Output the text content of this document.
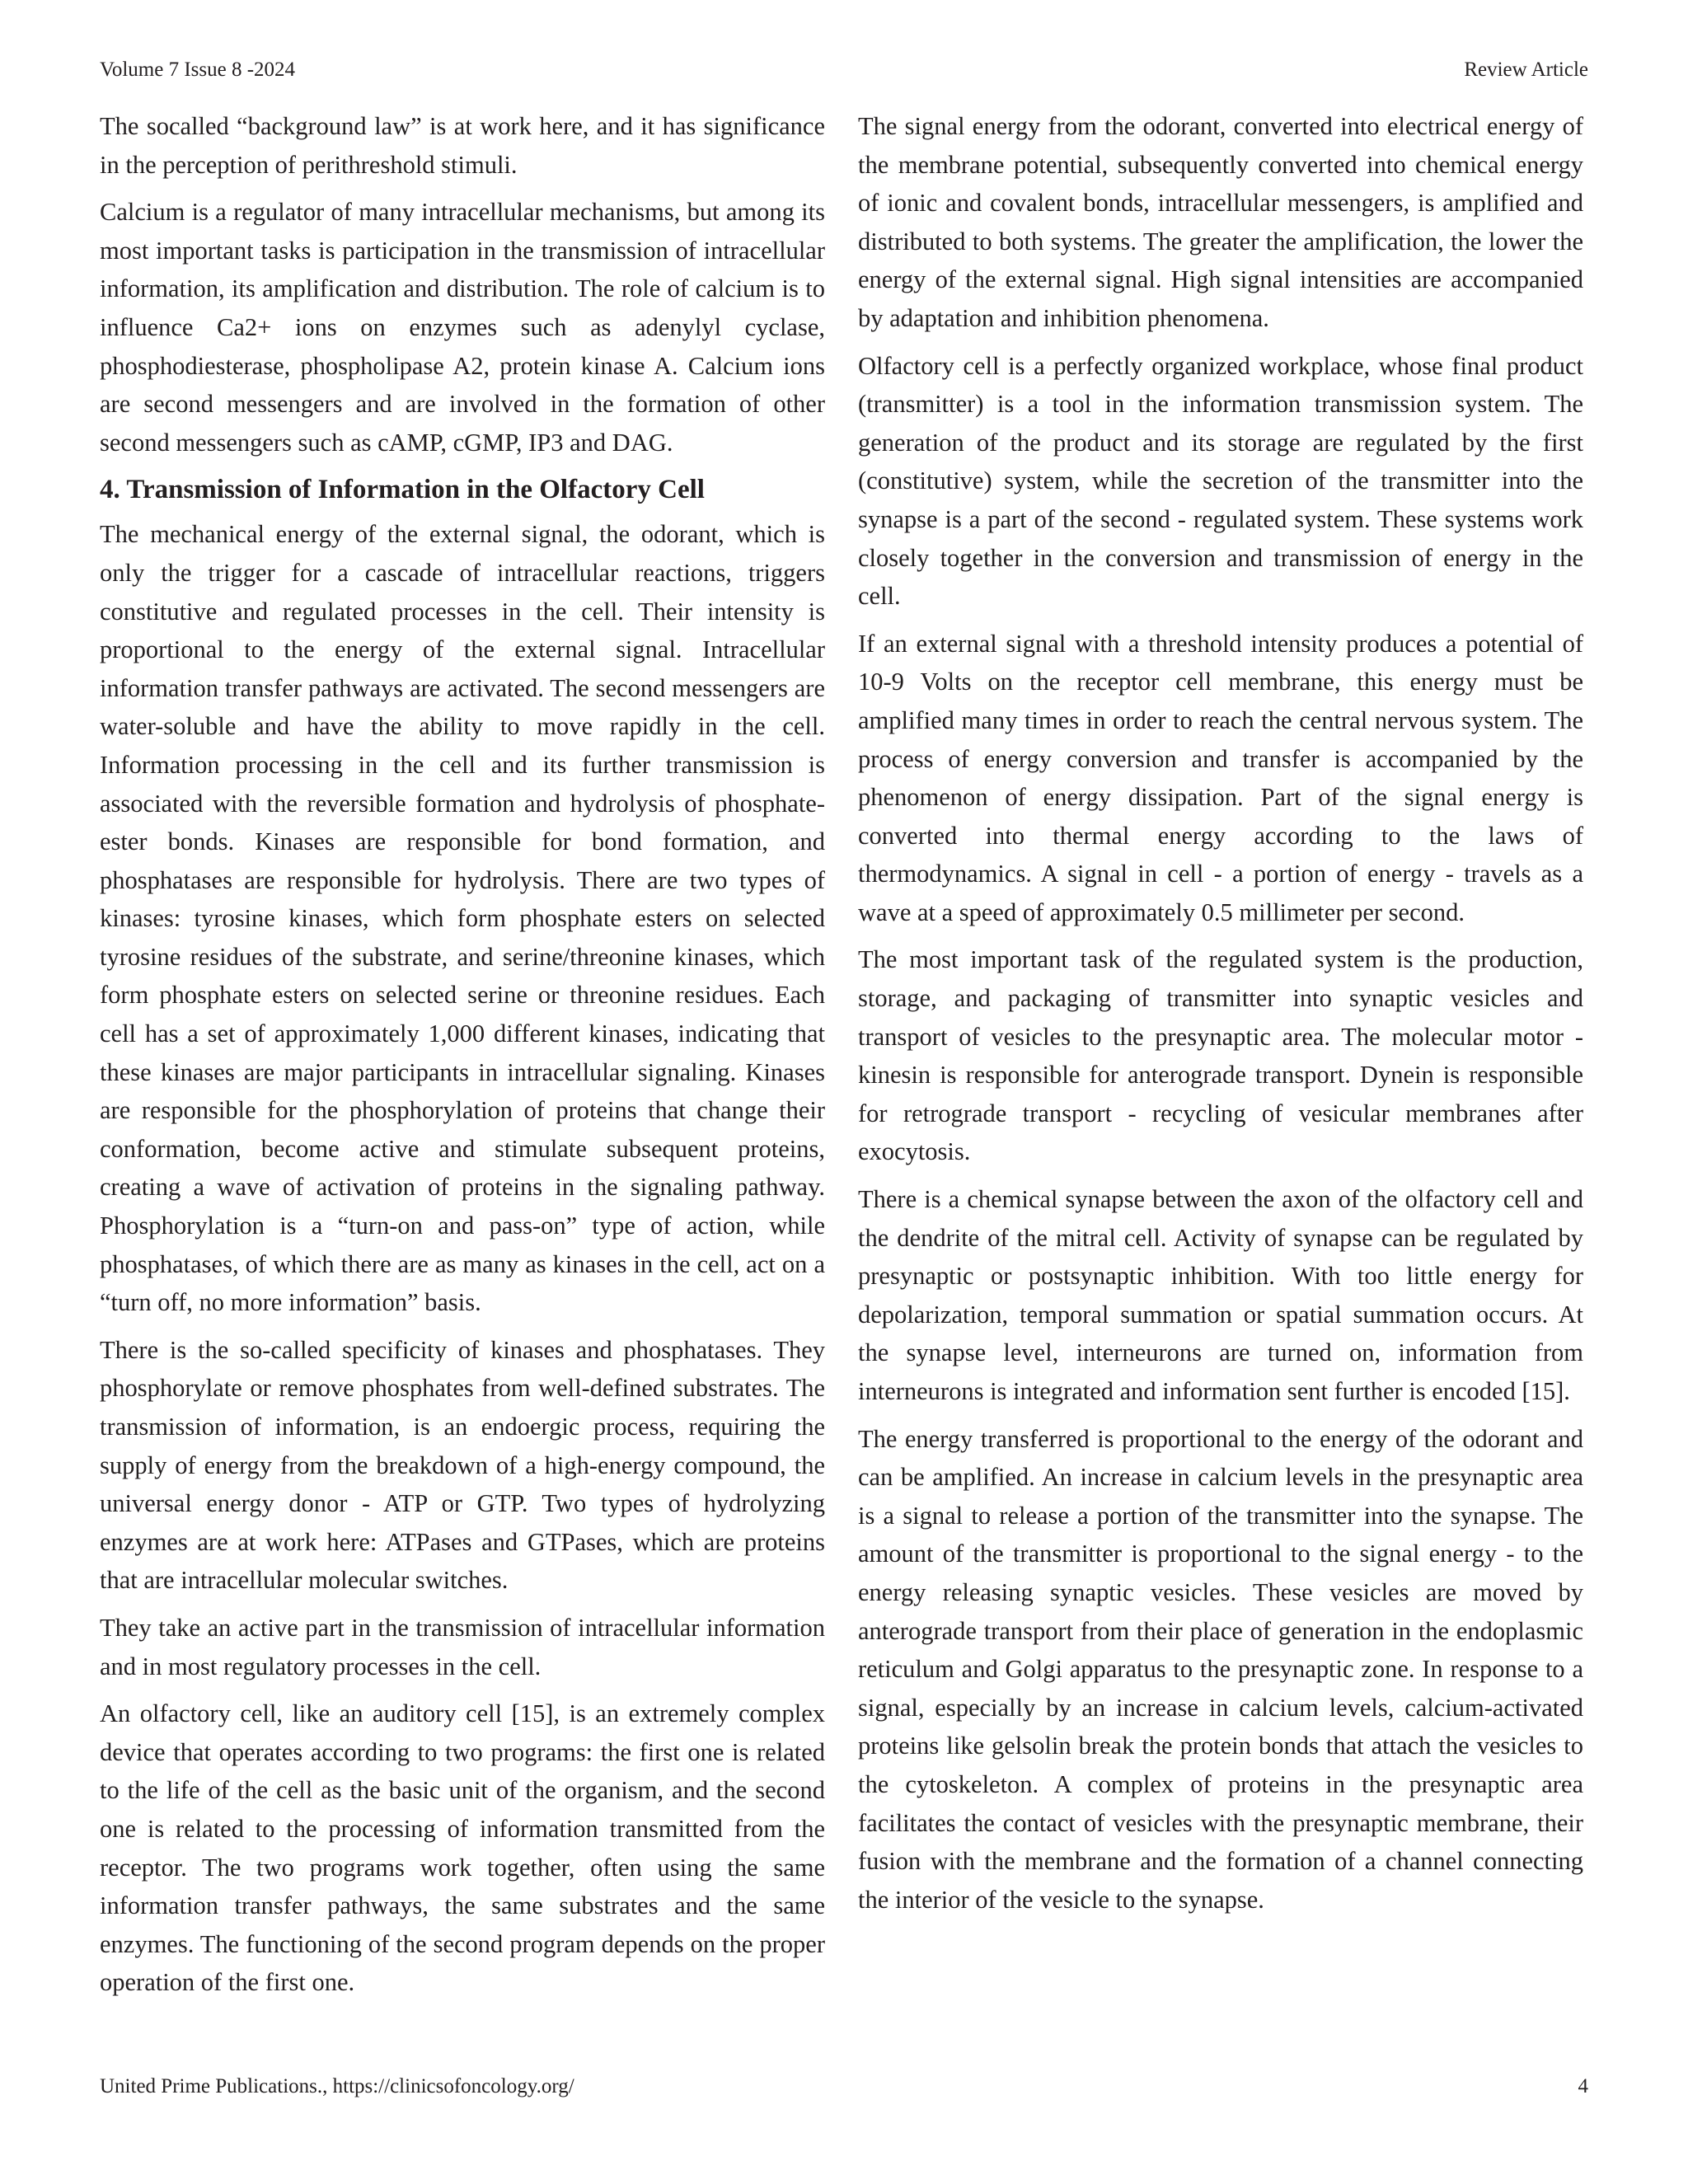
Volume 7 Issue 8 -2024	Review Article

The socalled “background law” is at work here, and it has significance in the perception of perithreshold stimuli.

Calcium is a regulator of many intracellular mechanisms, but among its most important tasks is participation in the transmission of intracellular information, its amplification and distribution. The role of calcium is to influence Ca2+ ions on enzymes such as adenylyl cyclase, phosphodiesterase, phospholipase A2, protein kinase A. Calcium ions are second messengers and are involved in the formation of other second messengers such as cAMP, cGMP, IP3 and DAG.

4. Transmission of Information in the Olfactory Cell

The mechanical energy of the external signal, the odorant, which is only the trigger for a cascade of intracellular reactions, triggers constitutive and regulated processes in the cell. Their intensity is proportional to the energy of the external signal. Intracellular information transfer pathways are activated. The second messengers are water-soluble and have the ability to move rapidly in the cell. Information processing in the cell and its further transmission is associated with the reversible formation and hydrolysis of phosphate-ester bonds. Kinases are responsible for bond formation, and phosphatases are responsible for hydrolysis. There are two types of kinases: tyrosine kinases, which form phosphate esters on selected tyrosine residues of the substrate, and serine/threonine kinases, which form phosphate esters on selected serine or threonine residues. Each cell has a set of approximately 1,000 different kinases, indicating that these kinases are major participants in intracellular signaling. Kinases are responsible for the phosphorylation of proteins that change their conformation, become active and stimulate subsequent proteins, creating a wave of activation of proteins in the signaling pathway. Phosphorylation is a “turn-on and pass-on” type of action, while phosphatases, of which there are as many as kinases in the cell, act on a “turn off, no more information” basis.

There is the so-called specificity of kinases and phosphatases. They phosphorylate or remove phosphates from well-defined substrates. The transmission of information, is an endoergic process, requiring the supply of energy from the breakdown of a high-energy compound, the universal energy donor - ATP or GTP. Two types of hydrolyzing enzymes are at work here: ATPases and GTPases, which are proteins that are intracellular molecular switches.

They take an active part in the transmission of intracellular information and in most regulatory processes in the cell.

An olfactory cell, like an auditory cell [15], is an extremely complex device that operates according to two programs: the first one is related to the life of the cell as the basic unit of the organism, and the second one is related to the processing of information transmitted from the receptor. The two programs work together, often using the same information transfer pathways, the same substrates and the same enzymes. The functioning of the second program depends on the proper operation of the first one.

The signal energy from the odorant, converted into electrical energy of the membrane potential, subsequently converted into chemical energy of ionic and covalent bonds, intracellular messengers, is amplified and distributed to both systems. The greater the amplification, the lower the energy of the external signal. High signal intensities are accompanied by adaptation and inhibition phenomena.

Olfactory cell is a perfectly organized workplace, whose final product (transmitter) is a tool in the information transmission system. The generation of the product and its storage are regulated by the first (constitutive) system, while the secretion of the transmitter into the synapse is a part of the second - regulated system. These systems work closely together in the conversion and transmission of energy in the cell.

If an external signal with a threshold intensity produces a potential of 10-9 Volts on the receptor cell membrane, this energy must be amplified many times in order to reach the central nervous system. The process of energy conversion and transfer is accompanied by the phenomenon of energy dissipation. Part of the signal energy is converted into thermal energy according to the laws of thermodynamics. A signal in cell - a portion of energy - travels as a wave at a speed of approximately 0.5 millimeter per second.

The most important task of the regulated system is the production, storage, and packaging of transmitter into synaptic vesicles and transport of vesicles to the presynaptic area. The molecular motor - kinesin is responsible for anterograde transport. Dynein is responsible for retrograde transport - recycling of vesicular membranes after exocytosis.

There is a chemical synapse between the axon of the olfactory cell and the dendrite of the mitral cell. Activity of synapse can be regulated by presynaptic or postsynaptic inhibition. With too little energy for depolarization, temporal summation or spatial summation occurs. At the synapse level, interneurons are turned on, information from interneurons is integrated and information sent further is encoded [15].

The energy transferred is proportional to the energy of the odorant and can be amplified. An increase in calcium levels in the presynaptic area is a signal to release a portion of the transmitter into the synapse. The amount of the transmitter is proportional to the signal energy - to the energy releasing synaptic vesicles. These vesicles are moved by anterograde transport from their place of generation in the endoplasmic reticulum and Golgi apparatus to the presynaptic zone. In response to a signal, especially by an increase in calcium levels, calcium-activated proteins like gelsolin break the protein bonds that attach the vesicles to the cytoskeleton. A complex of proteins in the presynaptic area facilitates the contact of vesicles with the presynaptic membrane, their fusion with the membrane and the formation of a channel connecting the interior of the vesicle to the synapse.

United Prime Publications., https://clinicsofoncology.org/	4
